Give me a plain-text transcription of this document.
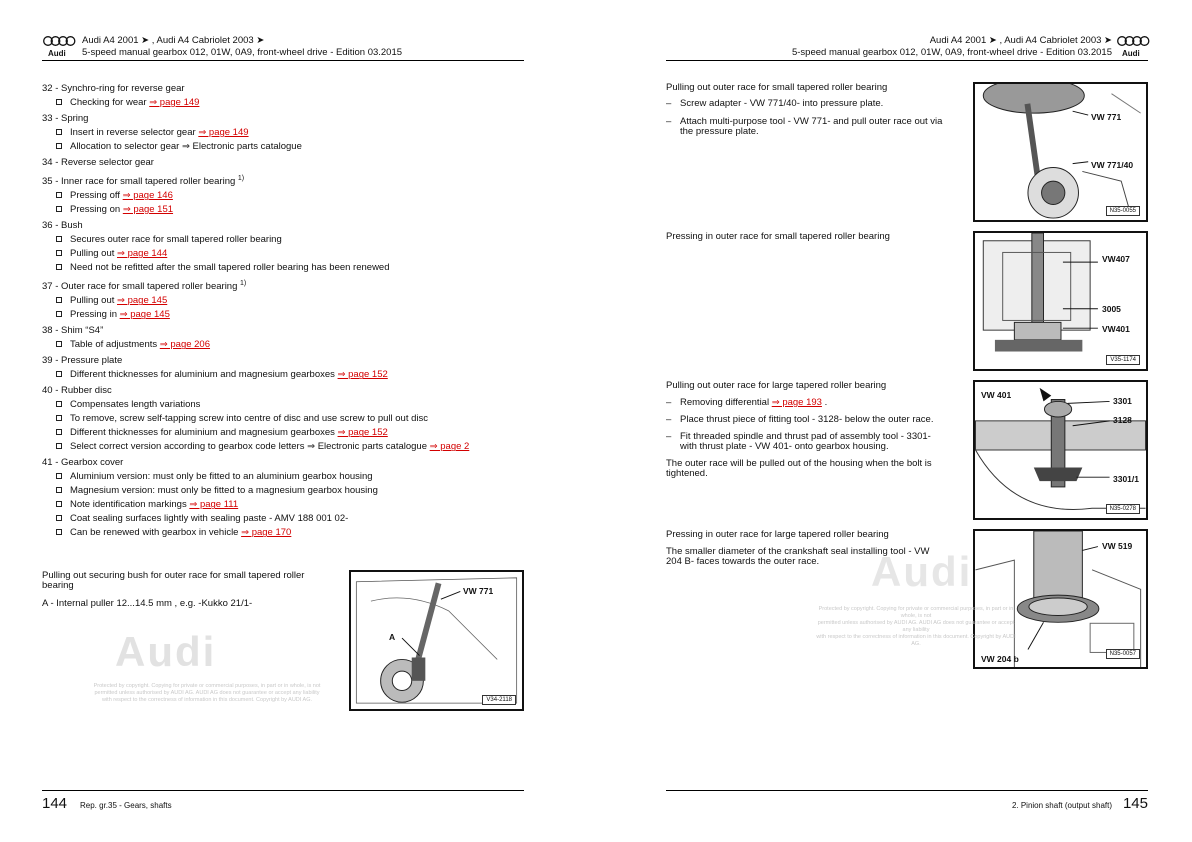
Audi
Audi A4 2001 ➤ , Audi A4 Cabriolet 2003 ➤
5-speed manual gearbox 012, 01W, 0A9, front-wheel drive - Edition 03.2015
32 - Synchro-ring for reverse gear
Checking for wear ⇒ page 149
33 - Spring
Insert in reverse selector gear ⇒ page 149
Allocation to selector gear ⇒ Electronic parts catalogue
34 - Reverse selector gear
35 - Inner race for small tapered roller bearing $^{1)}$
Pressing off ⇒ page 146
Pressing on ⇒ page 151
36 - Bush
Secures outer race for small tapered roller bearing
Pulling out ⇒ page 144
Need not be refitted after the small tapered roller bearing has been renewed
37 - Outer race for small tapered roller bearing $^{1)}$
Pulling out ⇒ page 145
Pressing in ⇒ page 145
38 - Shim “S4”
Table of adjustments ⇒ page 206
39 - Pressure plate
Different thicknesses for aluminium and magnesium gearboxes ⇒ page 152
40 - Rubber disc
Compensates length variations
To remove, screw self-tapping screw into centre of disc and use screw to pull out disc
Different thicknesses for aluminium and magnesium gearboxes ⇒ page 152
Select correct version according to gearbox code letters ⇒ Electronic parts catalogue ⇒ page 2
41 - Gearbox cover
Aluminium version: must only be fitted to an aluminium gearbox housing
Magnesium version: must only be fitted to a magnesium gearbox housing
Note identification markings ⇒ page 111
Coat sealing surfaces lightly with sealing paste - AMV 188 001 02-
Can be renewed with gearbox in vehicle ⇒ page 170
Pulling out securing bush for outer race for small tapered roller
bearing
A - Internal puller 12...14.5 mm , e.g. -Kukko 21/1-
VW 771
A
V34-2118
Audi
Protected by copyright. Copying for private or commercial purposes, in part or in whole, is not
permitted unless authorised by AUDI AG. AUDI AG does not guarantee or accept any liability
with respect to the correctness of information in this document. Copyright by AUDI AG.
144 Rep. gr.35 - Gears, shafts
Audi A4 2001 ➤ , Audi A4 Cabriolet 2003 ➤
5-speed manual gearbox 012, 01W, 0A9, front-wheel drive - Edition 03.2015 Audi
Pulling out outer race for small tapered roller bearing
– Screw adapter - VW 771/40- into pressure plate.
– Attach multi-purpose tool - VW 771- and pull outer race out via
the pressure plate.
VW 771
VW 771/40
N35-0055
Pressing in outer race for small tapered roller bearing
VW407
3005
VW401
V35-1174
Pulling out outer race for large tapered roller bearing
– Removing differential ⇒ page 193 .
– Place thrust piece of fitting tool - 3128- below the outer race.
– Fit threaded spindle and thrust pad of assembly tool - 3301-
with thrust plate - VW 401- onto gearbox housing.
The outer race will be pulled out of the housing when the bolt is
tightened.
VW 401
3301
3128
3301/1
N35-0278
Pressing in outer race for large tapered roller bearing
The smaller diameter of the crankshaft seal installing tool - VW
204 B- faces towards the outer race.
VW 519
VW 204 b	N35-0057
Audi
Protected by copyright. Copying for private or commercial purposes, in part or in whole, is not
permitted unless authorised by AUDI AG. AUDI AG does not guarantee or accept any liability
with respect to the correctness of information in this document. Copyright by AUDI AG.
2. Pinion shaft (output shaft) 145
